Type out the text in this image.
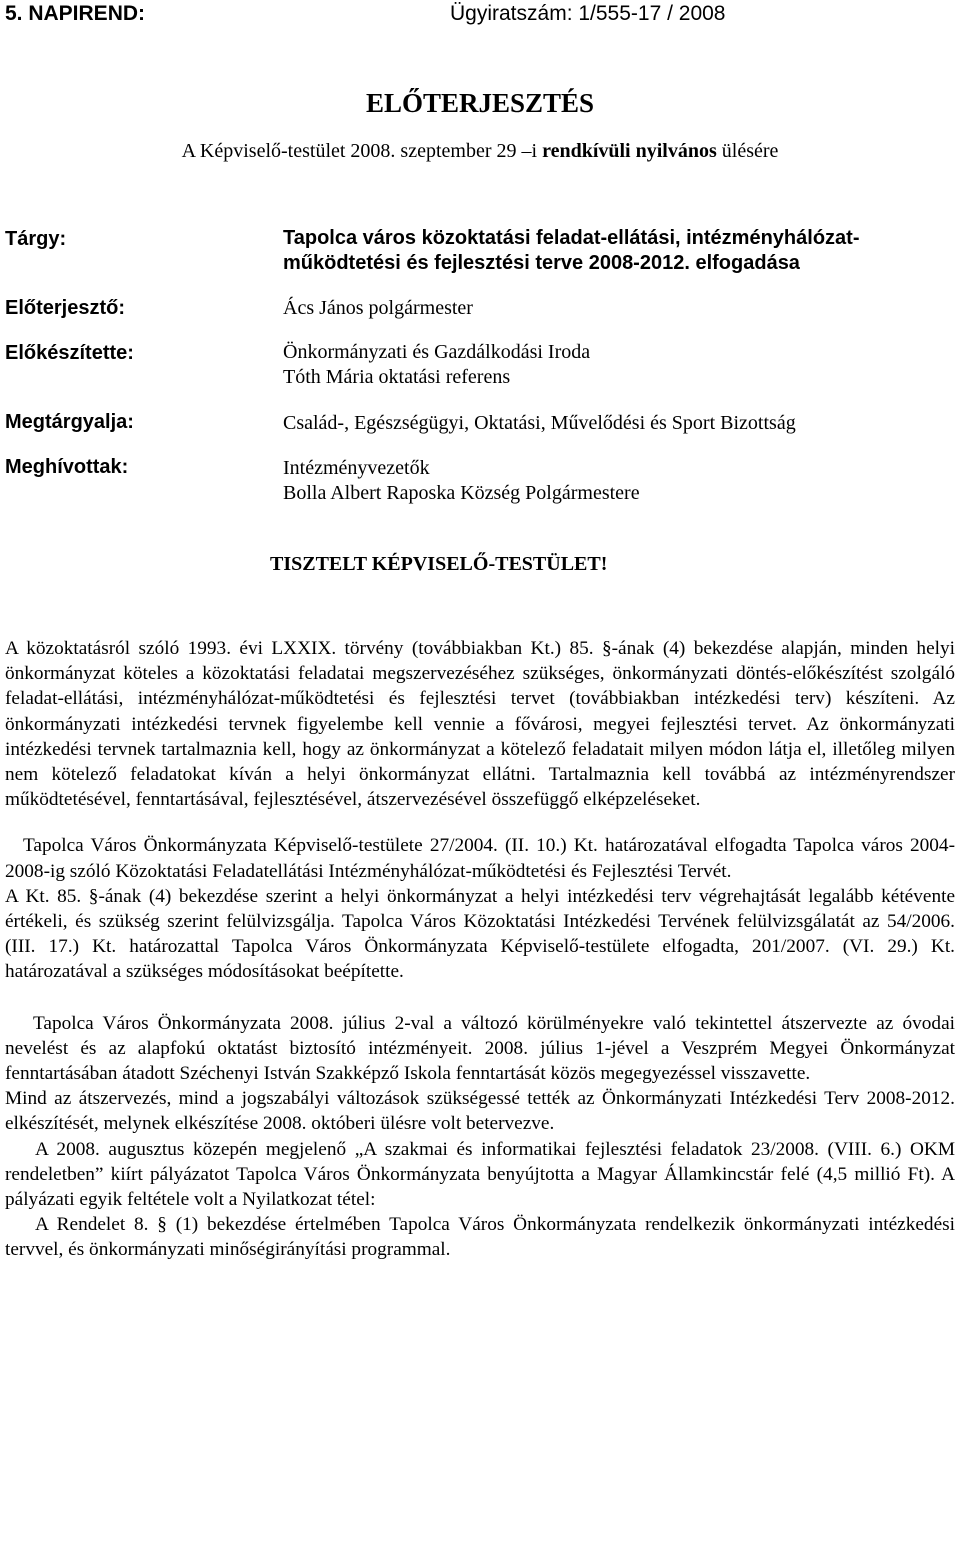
5. NAPIREND:	Ügyiratszám: 1/555-17 / 2008
ELŐTERJESZTÉS
A Képviselő-testület 2008. szeptember 29 –i rendkívüli nyilvános ülésére
Tárgy:	Tapolca város közoktatási feladat-ellátási, intézményhálózat-
működtetési és fejlesztési terve 2008-2012. elfogadása
Előterjesztő:	Ács János polgármester
Előkészítette:	Önkormányzati és Gazdálkodási Iroda
Tóth Mária oktatási referens
Megtárgyalja:	Család-, Egészségügyi, Oktatási, Művelődési és Sport Bizottság
Meghívottak:	Intézményvezetők
Bolla Albert Raposka Község Polgármestere
TISZTELT KÉPVISELŐ-TESTÜLET!

A közoktatásról szóló 1993. évi LXXIX. törvény (továbbiakban Kt.) 85. §-ának (4) bekezdése alapján, minden helyi önkormányzat köteles a közoktatási feladatai megszervezéséhez szükséges, önkormányzati döntés-előkészítést szolgáló feladat-ellátási, intézményhálózat-működtetési és fejlesztési tervet (továbbiakban intézkedési terv) készíteni. Az önkormányzati intézkedési tervnek figyelembe kell vennie a fővárosi, megyei fejlesztési tervet. Az önkormányzati intézkedési tervnek tartalmaznia kell, hogy az önkormányzat a kötelező feladatait milyen módon látja el, illetőleg milyen nem kötelező feladatokat kíván a helyi önkormányzat ellátni. Tartalmaznia kell továbbá az intézményrendszer működtetésével, fenntartásával, fejlesztésével, átszervezésével összefüggő elképzeléseket.

Tapolca Város Önkormányzata Képviselő-testülete 27/2004. (II. 10.) Kt. határozatával elfogadta Tapolca város 2004-2008-ig szóló Közoktatási Feladatellátási Intézményhálózat-működtetési és Fejlesztési Tervét.

A Kt. 85. §-ának (4) bekezdése szerint a helyi önkormányzat a helyi intézkedési terv végrehajtását legalább kétévente értékeli, és szükség szerint felülvizsgálja. Tapolca Város Közoktatási Intézkedési Tervének felülvizsgálatát az 54/2006. (III. 17.) Kt. határozattal Tapolca Város Önkormányzata Képviselő-testülete elfogadta, 201/2007. (VI. 29.) Kt. határozatával a szükséges módosításokat beépítette.

Tapolca Város Önkormányzata 2008. július 2-val a változó körülményekre való tekintettel átszervezte az óvodai nevelést és az alapfokú oktatást biztosító intézményeit. 2008. július 1-jével a Veszprém Megyei Önkormányzat fenntartásában átadott Széchenyi István Szakképző Iskola fenntartását közös megegyezéssel visszavette.

Mind az átszervezés, mind a jogszabályi változások szükségessé tették az Önkormányzati Intézkedési Terv 2008-2012. elkészítését, melynek elkészítése 2008. októberi ülésre volt betervezve.

A 2008. augusztus közepén megjelenő „A szakmai és informatikai fejlesztési feladatok 23/2008. (VIII. 6.) OKM rendeletben” kiírt pályázatot Tapolca Város Önkormányzata benyújtotta a Magyar Államkincstár felé (4,5 millió Ft). A pályázati egyik feltétele volt a Nyilatkozat tétel:

A Rendelet 8. § (1) bekezdése értelmében Tapolca Város Önkormányzata rendelkezik önkormányzati intézkedési tervvel, és önkormányzati minőségirányítási programmal.
